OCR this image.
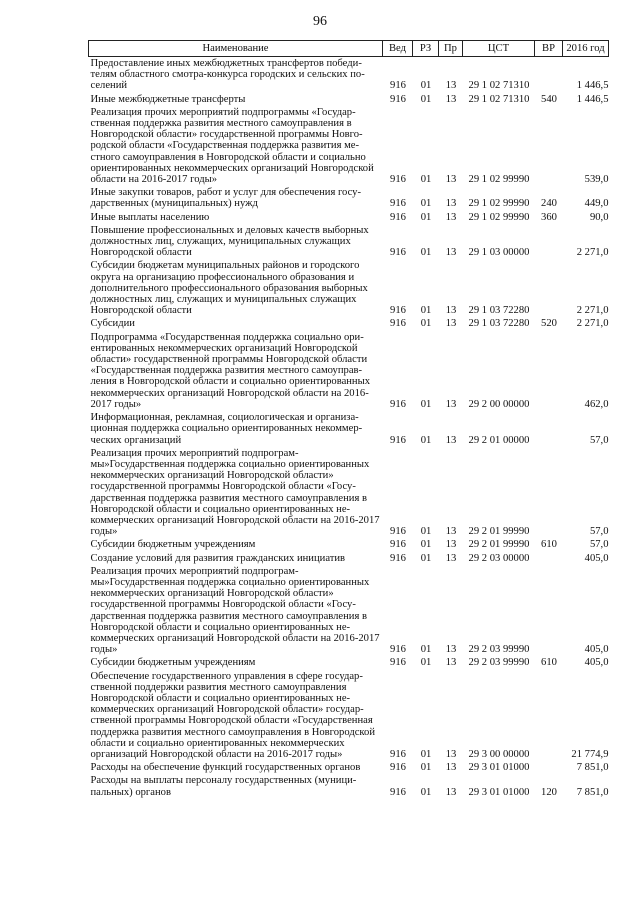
96
Наименование	Вед	РЗ	Пр	ЦСТ	ВР	2016 год
Предоставление иных межбюджетных трансфертов победителям областного смотра-конкурса городских и сельских поселений	916	01	13	29 1 02 71310		1 446,5
Иные межбюджетные трансферты	916	01	13	29 1 02 71310	540	1 446,5
Реализация прочих мероприятий подпрограммы «Государственная поддержка развития местного самоуправления в Новгородской области» государственной программы Новгородской области «Государственная поддержка развития местного самоуправления в Новгородской области и социально ориентированных некоммерческих организаций Новгородской области на 2016-2017 годы»	916	01	13	29 1 02 99990		539,0
Иные закупки товаров, работ и услуг для обеспечения государственных (муниципальных) нужд	916	01	13	29 1 02 99990	240	449,0
Иные выплаты населению	916	01	13	29 1 02 99990	360	90,0
Повышение профессиональных и деловых качеств выборных должностных лиц, служащих, муниципальных служащих Новгородской области	916	01	13	29 1 03 00000		2 271,0
Субсидии бюджетам муниципальных районов и городского округа на организацию профессионального образования и дополнительного профессионального образования выборных должностных лиц, служащих и муниципальных служащих Новгородской области	916	01	13	29 1 03 72280		2 271,0
Субсидии	916	01	13	29 1 03 72280	520	2 271,0
Подпрограмма «Государственная поддержка социально ориентированных некоммерческих организаций Новгородской области» государственной программы Новгородской области «Государственная поддержка развития местного самоуправления в Новгородской области и социально ориентированных некоммерческих организаций Новгородской области на 2016-2017 годы»	916	01	13	29 2 00 00000		462,0
Информационная, рекламная, социологическая и организационная поддержка социально ориентированных некоммерческих организаций	916	01	13	29 2 01 00000		57,0
Реализация прочих мероприятий подпрограммы»Государственная поддержка социально ориентированных некоммерческих организаций Новгородской области» государственной программы Новгородской области «Государственная поддержка развития местного самоуправления в Новгородской области и социально ориентированных некоммерческих организаций Новгородской области на 2016-2017 годы»	916	01	13	29 2 01 99990		57,0
Субсидии бюджетным учреждениям	916	01	13	29 2 01 99990	610	57,0
Создание условий для развития гражданских инициатив	916	01	13	29 2 03 00000		405,0
Реализация прочих мероприятий подпрограммы»Государственная поддержка социально ориентированных некоммерческих организаций Новгородской области» государственной программы Новгородской области «Государственная поддержка развития местного самоуправления в Новгородской области и социально ориентированных некоммерческих организаций Новгородской области на 2016-2017 годы»	916	01	13	29 2 03 99990		405,0
Субсидии бюджетным учреждениям	916	01	13	29 2 03 99990	610	405,0
Обеспечение государственного управления в сфере государственной поддержки развития местного самоуправления Новгородской области и социально ориентированных некоммерческих организаций Новгородской области» государственной программы Новгородской области «Государственная поддержка развития местного самоуправления в Новгородской области и социально ориентированных некоммерческих организаций Новгородской области на 2016-2017 годы»	916	01	13	29 3 00 00000		21 774,9
Расходы на обеспечение функций государственных органов	916	01	13	29 3 01 01000		7 851,0
Расходы на выплаты персоналу государственных (муниципальных) органов	916	01	13	29 3 01 01000	120	7 851,0
